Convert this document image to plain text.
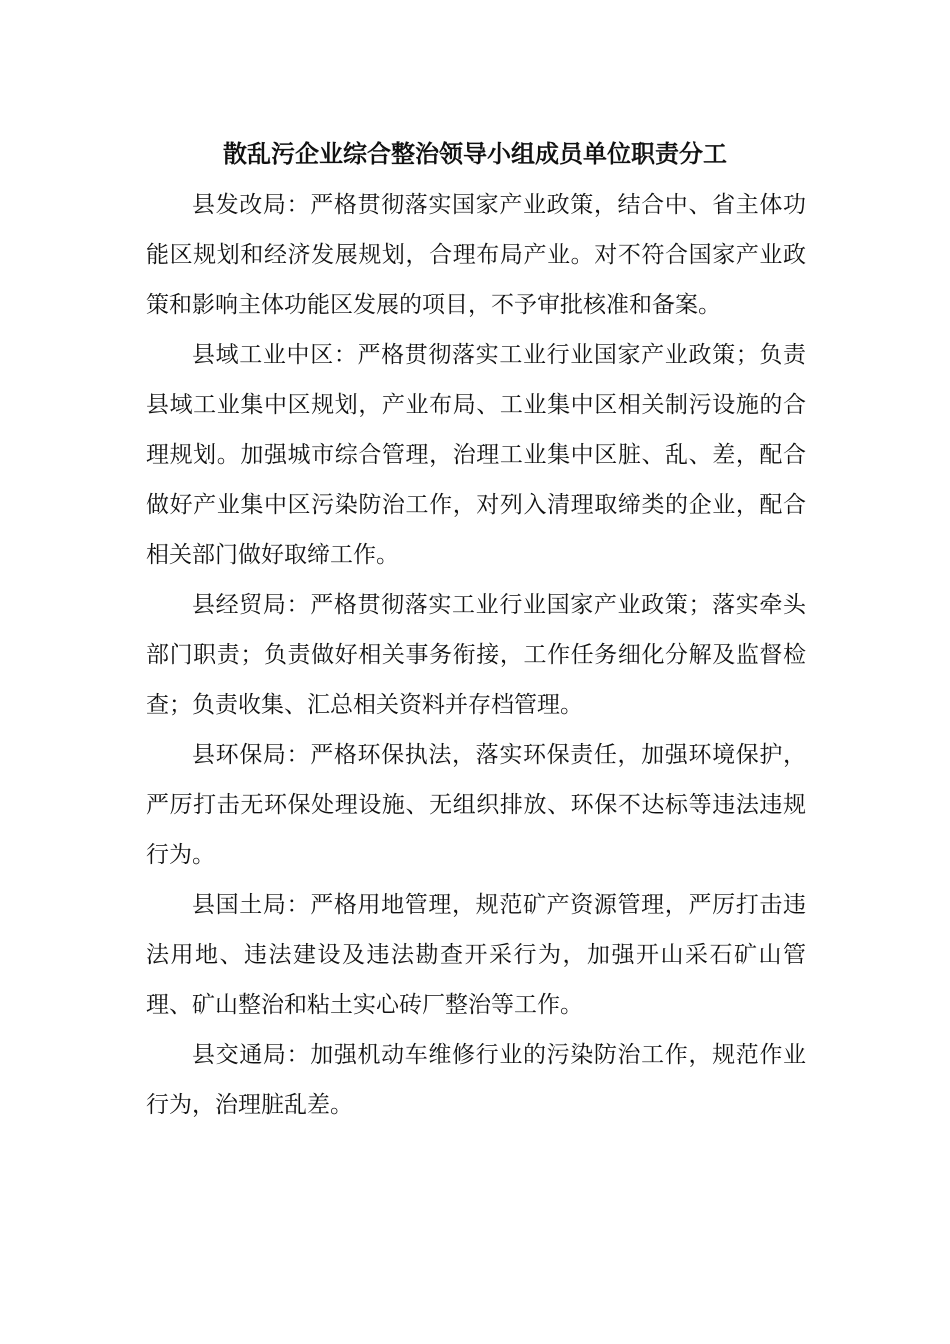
散乱污企业综合整治领导小组成员单位职责分工

县发改局：严格贯彻落实国家产业政策，结合中、省主体功能区规划和经济发展规划，合理布局产业。对不符合国家产业政策和影响主体功能区发展的项目，不予审批核准和备案。

县域工业中区：严格贯彻落实工业行业国家产业政策；负责县域工业集中区规划，产业布局、工业集中区相关制污设施的合理规划。加强城市综合管理，治理工业集中区脏、乱、差，配合做好产业集中区污染防治工作，对列入清理取缔类的企业，配合相关部门做好取缔工作。

县经贸局：严格贯彻落实工业行业国家产业政策；落实牵头部门职责；负责做好相关事务衔接，工作任务细化分解及监督检查；负责收集、汇总相关资料并存档管理。

县环保局：严格环保执法，落实环保责任，加强环境保护，严厉打击无环保处理设施、无组织排放、环保不达标等违法违规行为。

县国土局：严格用地管理，规范矿产资源管理，严厉打击违法用地、违法建设及违法勘查开采行为，加强开山采石矿山管理、矿山整治和粘土实心砖厂整治等工作。

县交通局：加强机动车维修行业的污染防治工作，规范作业行为，治理脏乱差。
